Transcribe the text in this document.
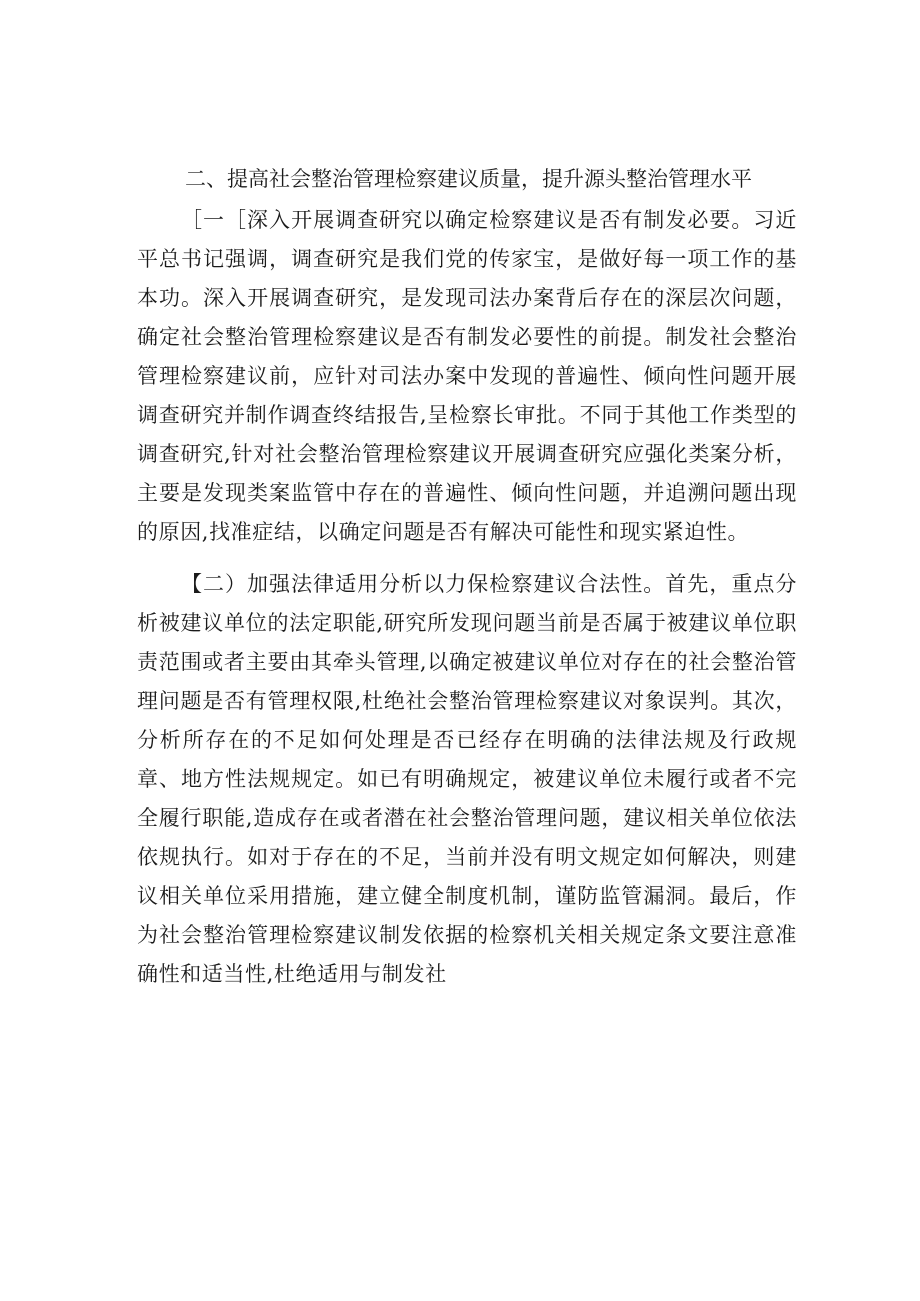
二、提高社会整治管理检察建议质量，提升源头整治管理水平

［一［深入开展调查研究以确定检察建议是否有制发必要。习近平总书记强调，调查研究是我们党的传家宝，是做好每一项工作的基本功。深入开展调查研究，是发现司法办案背后存在的深层次问题，确定社会整治管理检察建议是否有制发必要性的前提。制发社会整治管理检察建议前，应针对司法办案中发现的普遍性、倾向性问题开展调查研究并制作调查终结报告,呈检察长审批。不同于其他工作类型的调查研究,针对社会整治管理检察建议开展调查研究应强化类案分析，主要是发现类案监管中存在的普遍性、倾向性问题，并追溯问题出现的原因,找准症结，以确定问题是否有解决可能性和现实紧迫性。

【二）加强法律适用分析以力保检察建议合法性。首先，重点分析被建议单位的法定职能,研究所发现问题当前是否属于被建议单位职责范围或者主要由其牵头管理,以确定被建议单位对存在的社会整治管理问题是否有管理权限,杜绝社会整治管理检察建议对象误判。其次，分析所存在的不足如何处理是否已经存在明确的法律法规及行政规章、地方性法规规定。如已有明确规定，被建议单位未履行或者不完全履行职能,造成存在或者潜在社会整治管理问题，建议相关单位依法依规执行。如对于存在的不足，当前并没有明文规定如何解决，则建议相关单位采用措施，建立健全制度机制，谨防监管漏洞。最后，作为社会整治管理检察建议制发依据的检察机关相关规定条文要注意准确性和适当性,杜绝适用与制发社
